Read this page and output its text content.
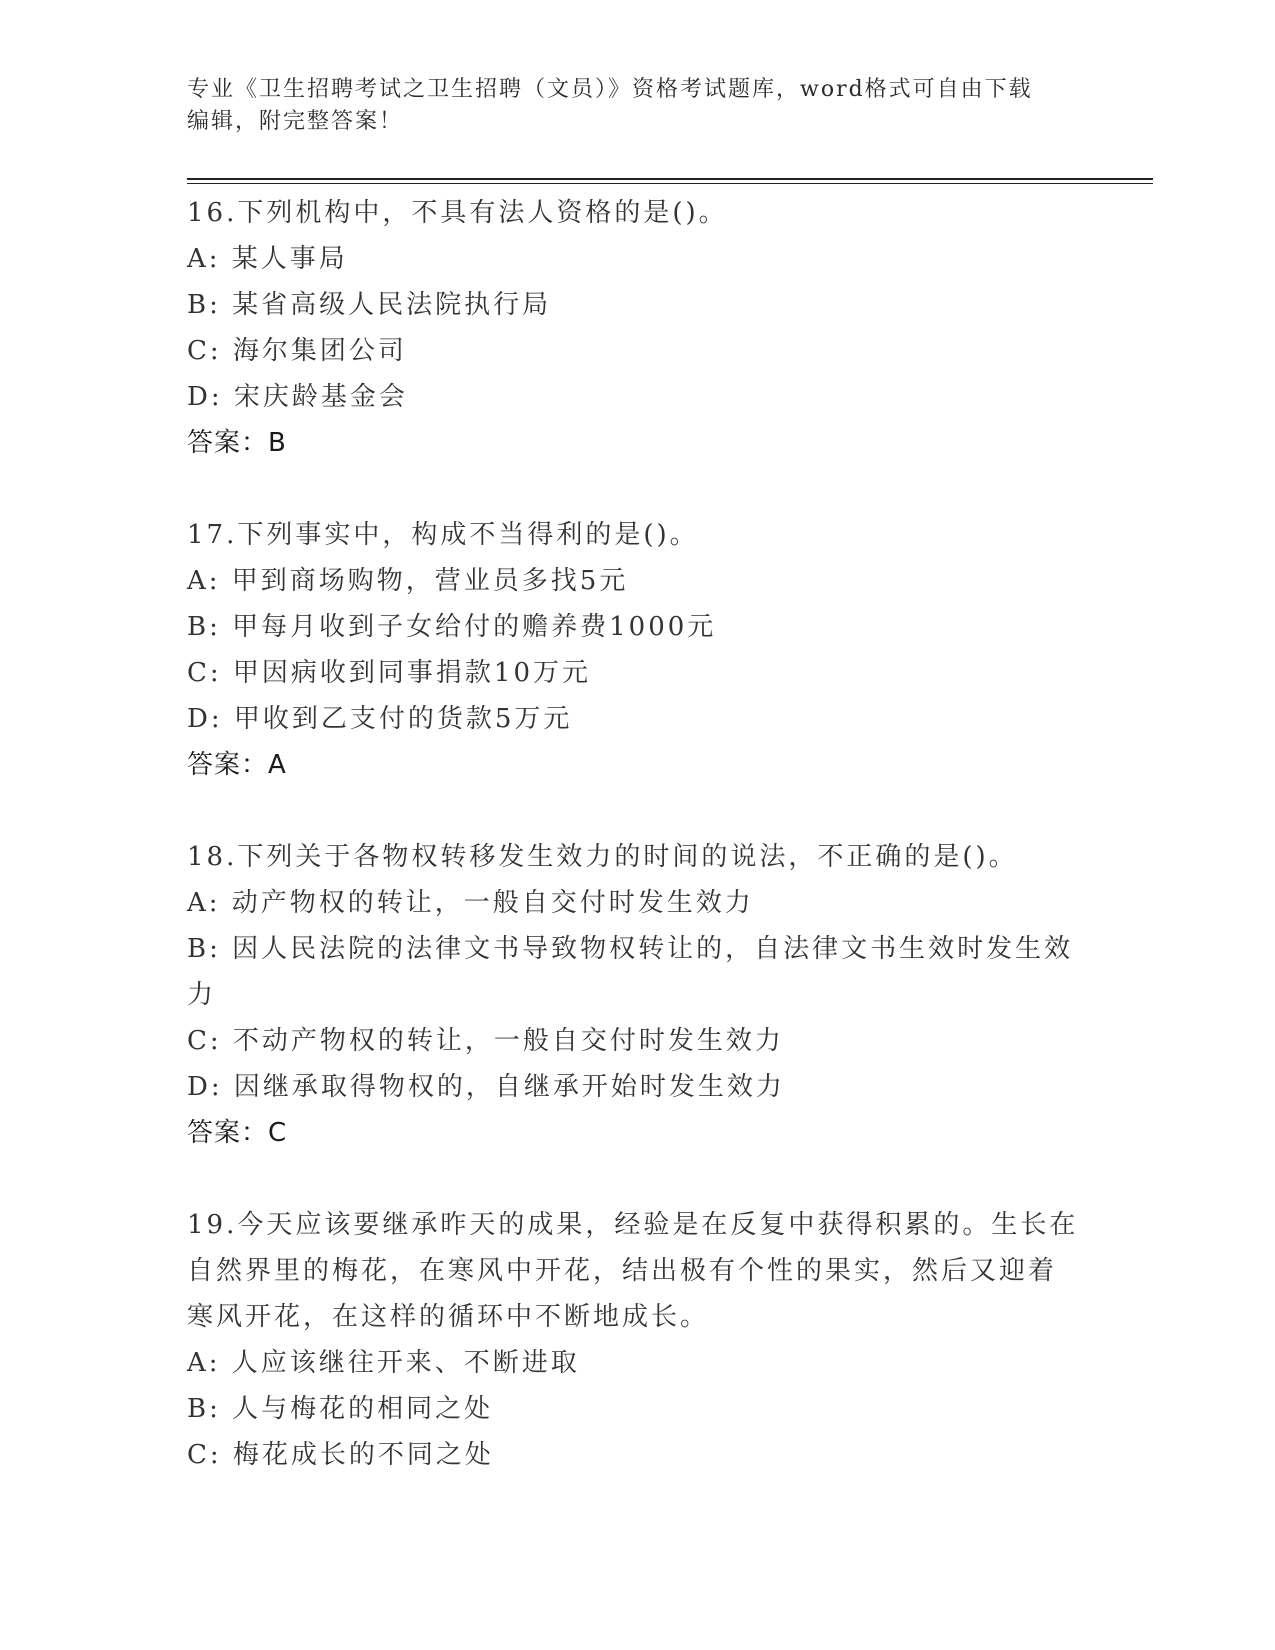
专业《卫生招聘考试之卫生招聘（文员）》资格考试题库，word格式可自由下载
编辑，附完整答案！
16.下列机构中，不具有法人资格的是()。
A: 某人事局
B: 某省高级人民法院执行局
C: 海尔集团公司
D: 宋庆龄基金会
答案：B
17.下列事实中，构成不当得利的是()。
A: 甲到商场购物，营业员多找5元
B: 甲每月收到子女给付的赡养费1000元
C: 甲因病收到同事捐款10万元
D: 甲收到乙支付的货款5万元
答案：A
18.下列关于各物权转移发生效力的时间的说法，不正确的是()。
A: 动产物权的转让，一般自交付时发生效力
B: 因人民法院的法律文书导致物权转让的，自法律文书生效时发生效
力
C: 不动产物权的转让，一般自交付时发生效力
D: 因继承取得物权的，自继承开始时发生效力
答案：C
19.今天应该要继承昨天的成果，经验是在反复中获得积累的。生长在
自然界里的梅花，在寒风中开花，结出极有个性的果实，然后又迎着
寒风开花，在这样的循环中不断地成长。
A: 人应该继往开来、不断进取
B: 人与梅花的相同之处
C: 梅花成长的不同之处
